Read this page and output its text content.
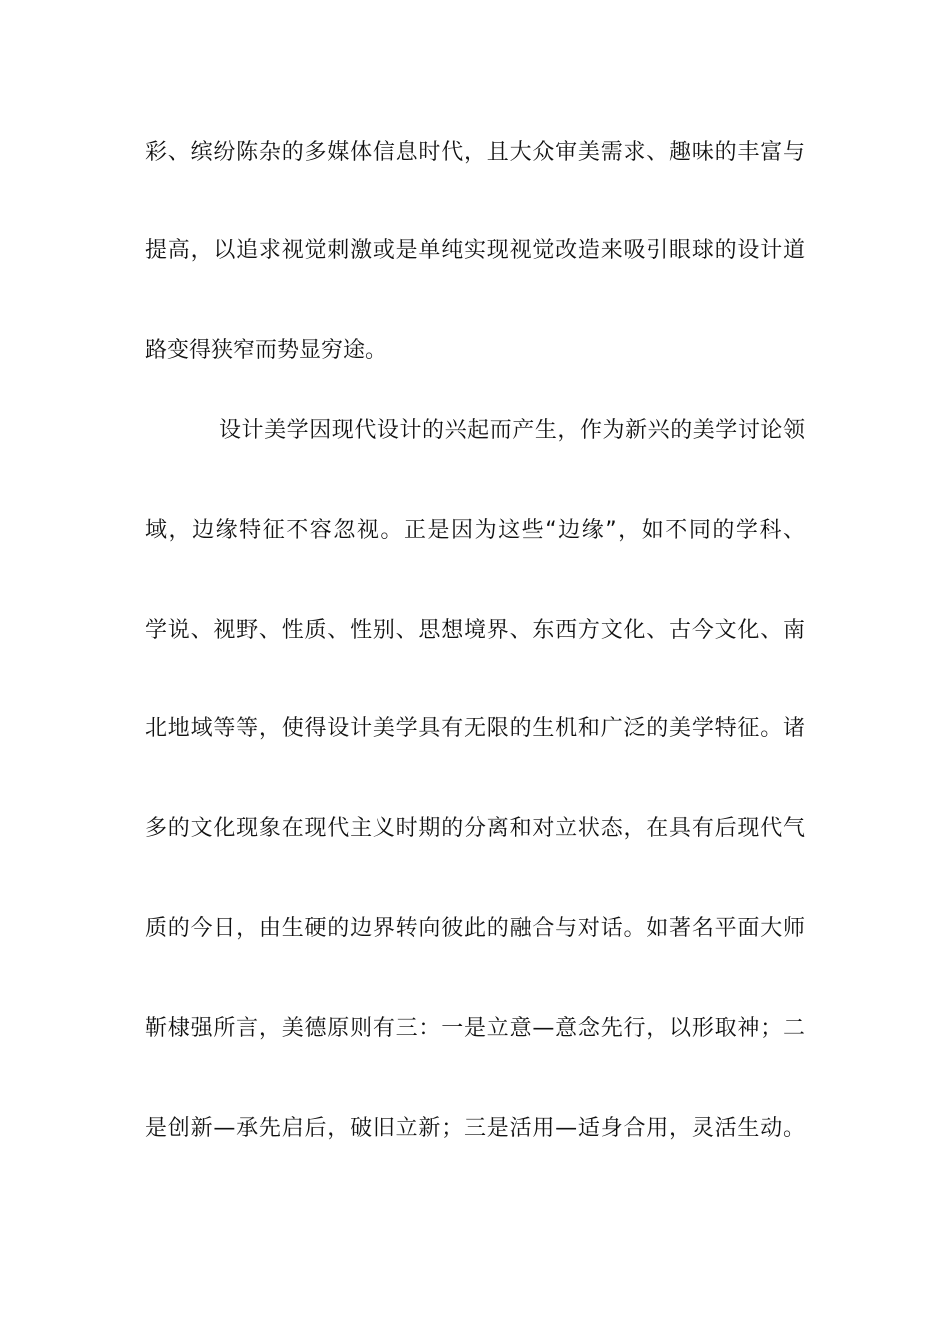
彩、缤纷陈杂的多媒体信息时代，且大众审美需求、趣味的丰富与
提高，以追求视觉刺激或是单纯实现视觉改造来吸引眼球的设计道
路变得狭窄而势显穷途。
设计美学因现代设计的兴起而产生，作为新兴的美学讨论领
域，边缘特征不容忽视。正是因为这些“边缘”，如不同的学科、
学说、视野、性质、性别、思想境界、东西方文化、古今文化、南
北地域等等，使得设计美学具有无限的生机和广泛的美学特征。诸
多的文化现象在现代主义时期的分离和对立状态，在具有后现代气
质的今日，由生硬的边界转向彼此的融合与对话。如著名平面大师
靳棣强所言，美德原则有三：一是立意—意念先行，以形取神；二
是创新—承先启后，破旧立新；三是活用—适身合用，灵活生动。
